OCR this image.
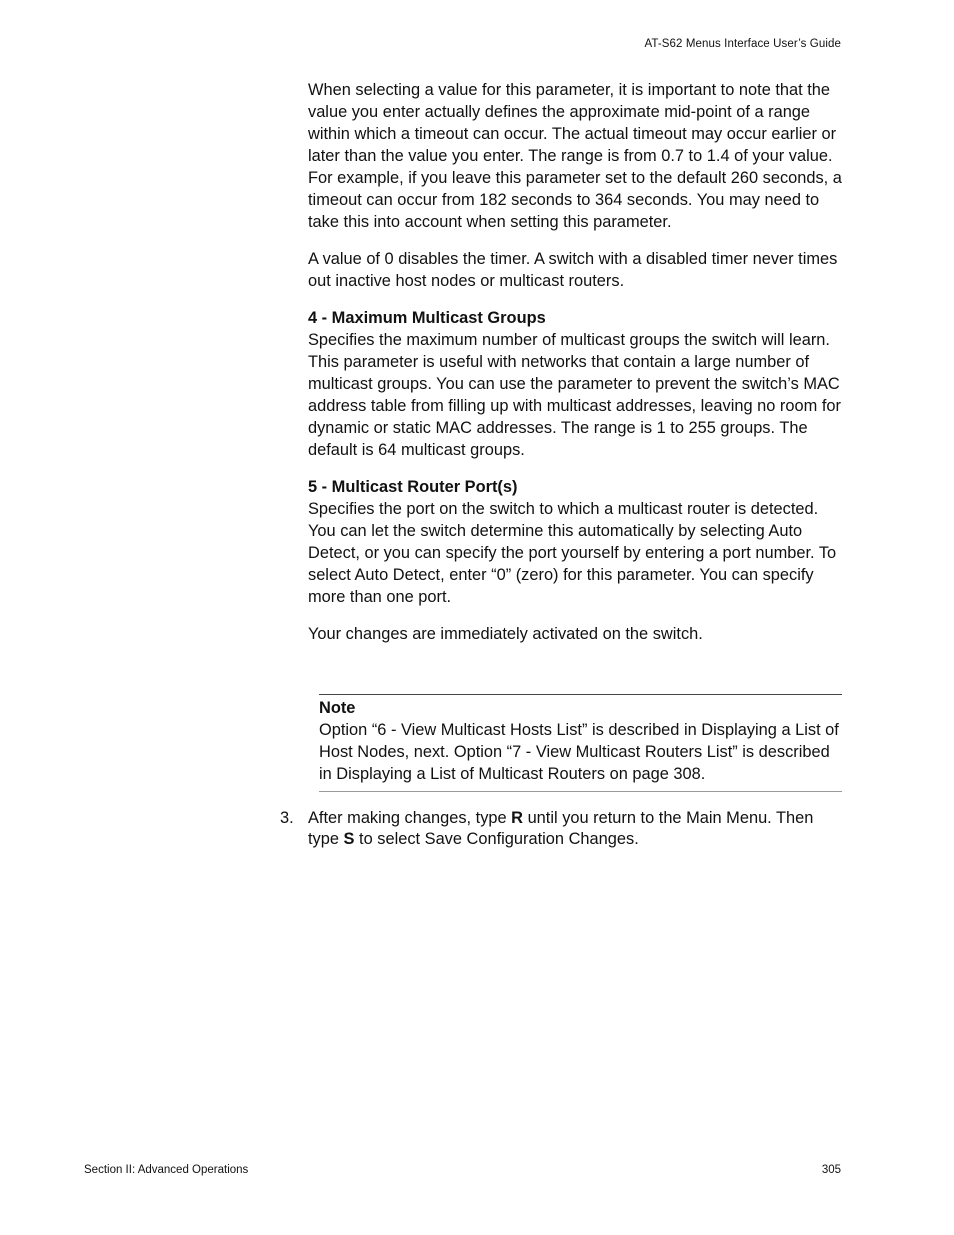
AT-S62 Menus Interface User’s Guide

When selecting a value for this parameter, it is important to note that the value you enter actually defines the approximate mid-point of a range within which a timeout can occur. The actual timeout may occur earlier or later than the value you enter. The range is from 0.7 to 1.4 of your value. For example, if you leave this parameter set to the default 260 seconds, a timeout can occur from 182 seconds to 364 seconds. You may need to take this into account when setting this parameter.

A value of 0 disables the timer. A switch with a disabled timer never times out inactive host nodes or multicast routers.

4 - Maximum Multicast Groups
Specifies the maximum number of multicast groups the switch will learn. This parameter is useful with networks that contain a large number of multicast groups. You can use the parameter to prevent the switch’s MAC address table from filling up with multicast addresses, leaving no room for dynamic or static MAC addresses. The range is 1 to 255 groups. The default is 64 multicast groups.

5 - Multicast Router Port(s)
Specifies the port on the switch to which a multicast router is detected. You can let the switch determine this automatically by selecting Auto Detect, or you can specify the port yourself by entering a port number. To select Auto Detect, enter “0” (zero) for this parameter. You can specify more than one port.

Your changes are immediately activated on the switch.

Note
Option “6 - View Multicast Hosts List” is described in Displaying a List of Host Nodes, next. Option “7 - View Multicast Routers List” is described in Displaying a List of Multicast Routers on page 308.
3. After making changes, type R until you return to the Main Menu. Then type S to select Save Configuration Changes.
Section II: Advanced Operations	305
